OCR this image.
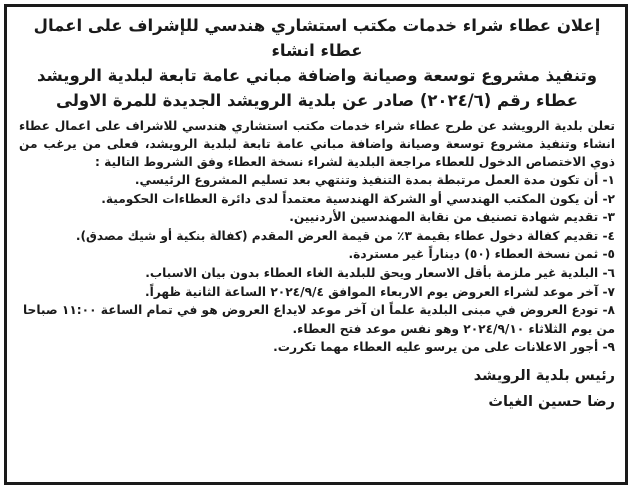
إعلان عطاء شراء خدمات مكتب استشاري هندسي للإشراف على اعمال عطاء انشاء

وتنفيذ مشروع توسعة وصيانة واضافة مباني عامة تابعة لبلدية الرويشد

عطاء رقم (٢٠٢٤/٦) صادر عن بلدية الرويشد الجديدة للمرة الاولى

تعلن بلدية الرويشد عن طرح عطاء شراء خدمات مكتب استشاري هندسي للاشراف على اعمال عطاء انشاء وتنفيذ مشروع توسعة وصيانة واضافة مباني عامة تابعة لبلدية الرويشد، فعلى من يرغب من ذوي الاختصاص الدخول للعطاء مراجعة البلدية لشراء نسخة العطاء وفق الشروط التالية :

١- أن تكون مدة العمل مرتبطة بمدة التنفيذ وتنتهي بعد تسليم المشروع الرئيسي.

٢- أن يكون المكتب الهندسي أو الشركة الهندسية معتمداً لدى دائرة العطاءات الحكومية.

٣- تقديم شهادة تصنيف من نقابة المهندسين الأردنيين.

٤- تقديم كفالة دخول عطاء بقيمة ٣٪ من قيمة العرض المقدم (كفالة بنكية أو شيك مصدق).

٥- ثمن نسخة العطاء (٥٠) ديناراً غير مستردة.

٦- البلدية غير ملزمة بأقل الاسعار ويحق للبلدية الغاء العطاء بدون بيان الاسباب.

٧- آخر موعد لشراء العروض يوم الاربعاء الموافق ٢٠٢٤/٩/٤ الساعة الثانية ظهراً.

٨- تودع العروض في مبنى البلدية علماً ان آخر موعد لايداع العروض هو في تمام الساعة ١١:٠٠ صباحا من يوم الثلاثاء ٢٠٢٤/٩/١٠ وهو نفس موعد فتح العطاء.

٩- أجور الاعلانات على من يرسو عليه العطاء مهما تكررت.

رئيس بلدية الرويشد

رضا حسين الغياث
